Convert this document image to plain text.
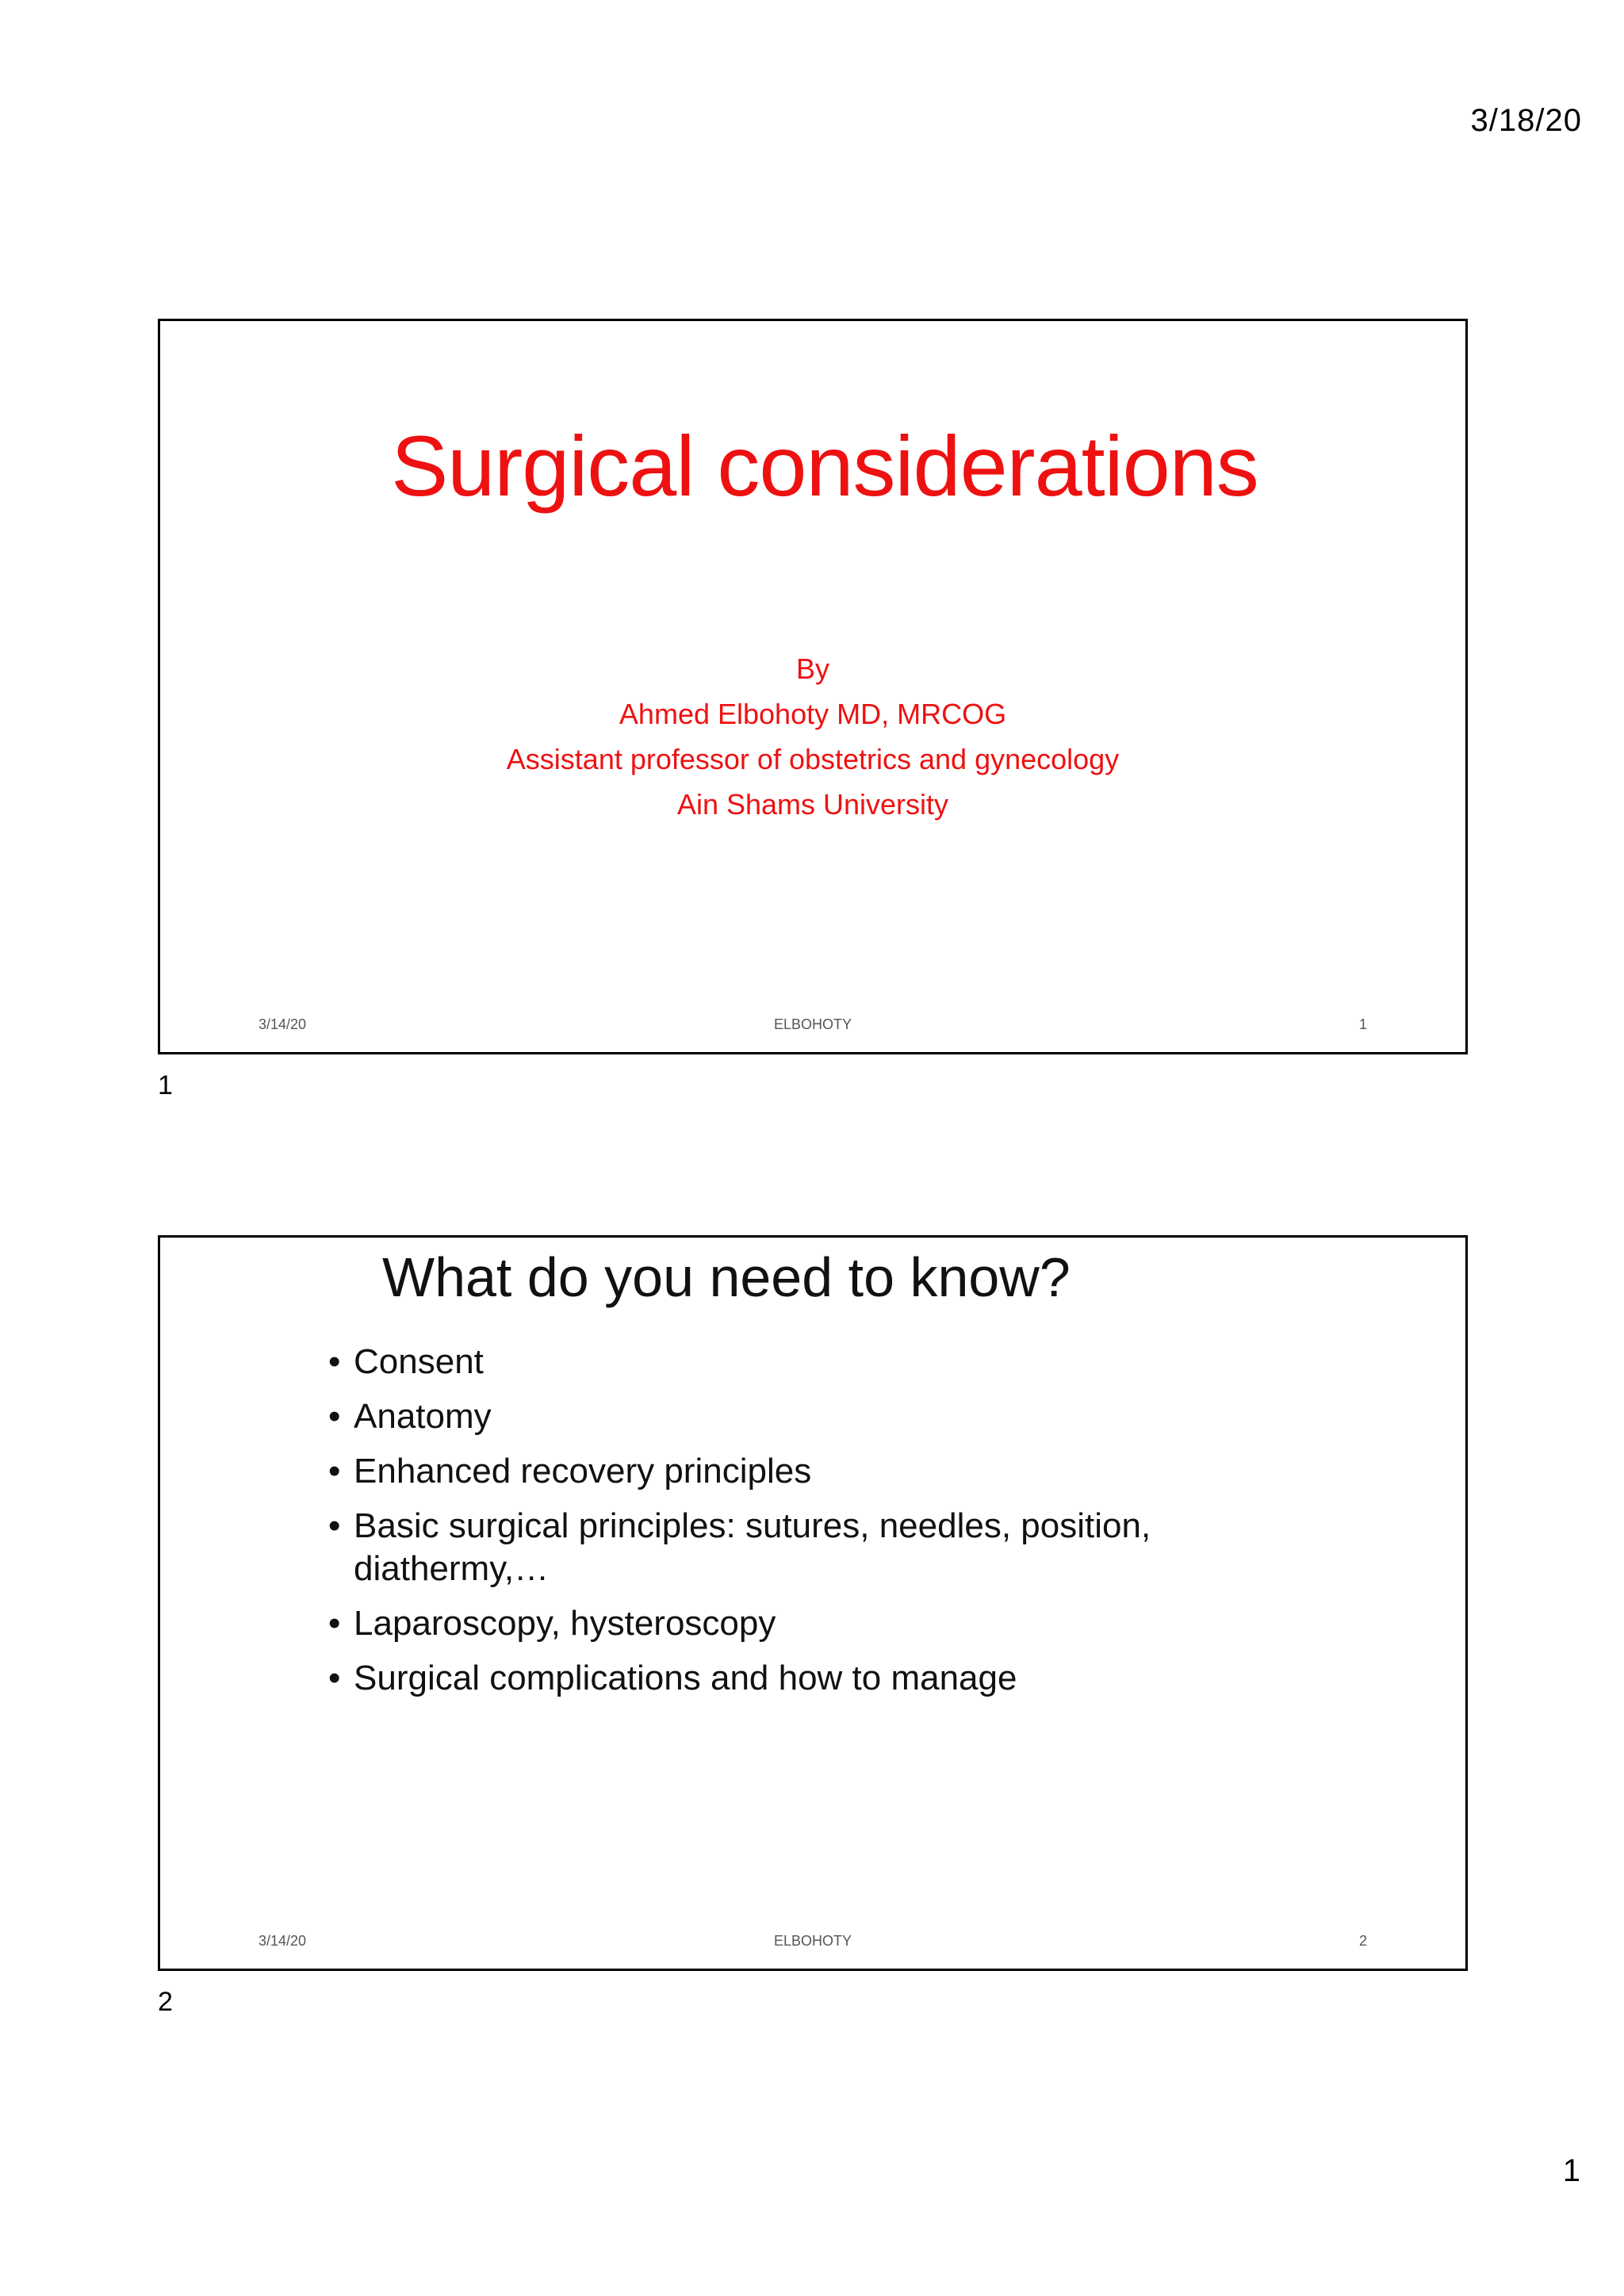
3/18/20
Surgical considerations
By
Ahmed Elbohoty MD, MRCOG
Assistant professor of obstetrics and gynecology
Ain Shams University
3/14/20	ELBOHOTY	1
1
What do you need to know?
• Consent
• Anatomy
• Enhanced recovery principles
• Basic surgical principles: sutures, needles, position, diathermy,…
• Laparoscopy, hysteroscopy
• Surgical complications and how to manage
3/14/20	ELBOHOTY	2
2
1
